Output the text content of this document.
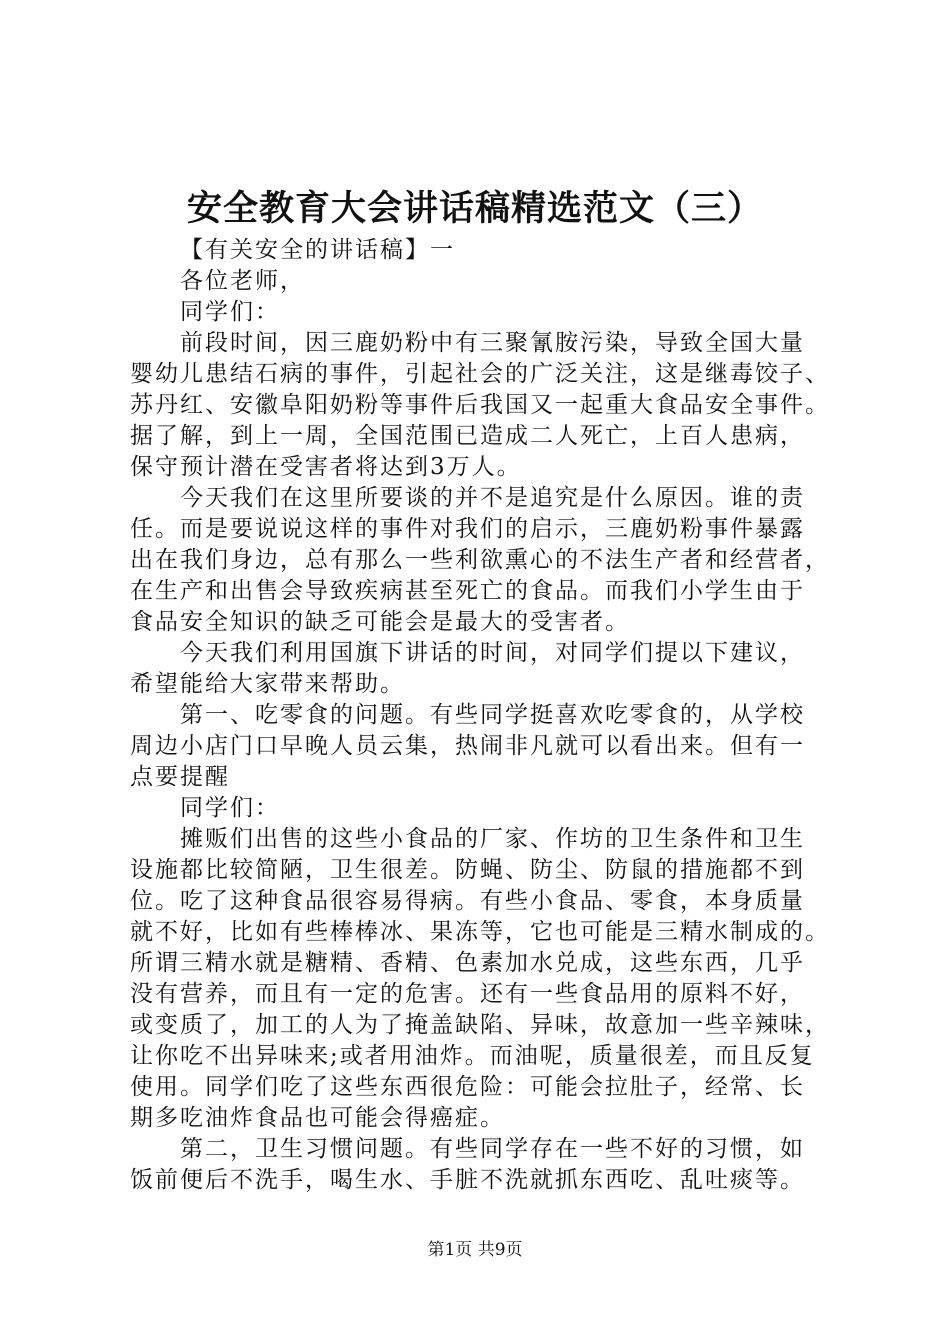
安全教育大会讲话稿精选范文（三）
【有关安全的讲话稿】一
各位老师，
同学们：
前段时间，因三鹿奶粉中有三聚氰胺污染，导致全国大量
婴幼儿患结石病的事件，引起社会的广泛关注，这是继毒饺子、
苏丹红、安徽阜阳奶粉等事件后我国又一起重大食品安全事件。
据了解，到上一周，全国范围已造成二人死亡，上百人患病，
保守预计潜在受害者将达到3万人。
今天我们在这里所要谈的并不是追究是什么原因。谁的责
任。而是要说说这样的事件对我们的启示，三鹿奶粉事件暴露
出在我们身边，总有那么一些利欲熏心的不法生产者和经营者，
在生产和出售会导致疾病甚至死亡的食品。而我们小学生由于
食品安全知识的缺乏可能会是最大的受害者。
今天我们利用国旗下讲话的时间，对同学们提以下建议，
希望能给大家带来帮助。
第一、吃零食的问题。有些同学挺喜欢吃零食的，从学校
周边小店门口早晚人员云集，热闹非凡就可以看出来。但有一
点要提醒
同学们：
摊贩们出售的这些小食品的厂家、作坊的卫生条件和卫生
设施都比较简陋，卫生很差。防蝇、防尘、防鼠的措施都不到
位。吃了这种食品很容易得病。有些小食品、零食，本身质量
就不好，比如有些棒棒冰、果冻等，它也可能是三精水制成的。
所谓三精水就是糖精、香精、色素加水兑成，这些东西，几乎
没有营养，而且有一定的危害。还有一些食品用的原料不好，
或变质了，加工的人为了掩盖缺陷、异味，故意加一些辛辣味，
让你吃不出异味来;或者用油炸。而油呢，质量很差，而且反复
使用。同学们吃了这些东西很危险：可能会拉肚子，经常、长
期多吃油炸食品也可能会得癌症。
第二，卫生习惯问题。有些同学存在一些不好的习惯，如
饭前便后不洗手，喝生水、手脏不洗就抓东西吃、乱吐痰等。
第1页 共9页
